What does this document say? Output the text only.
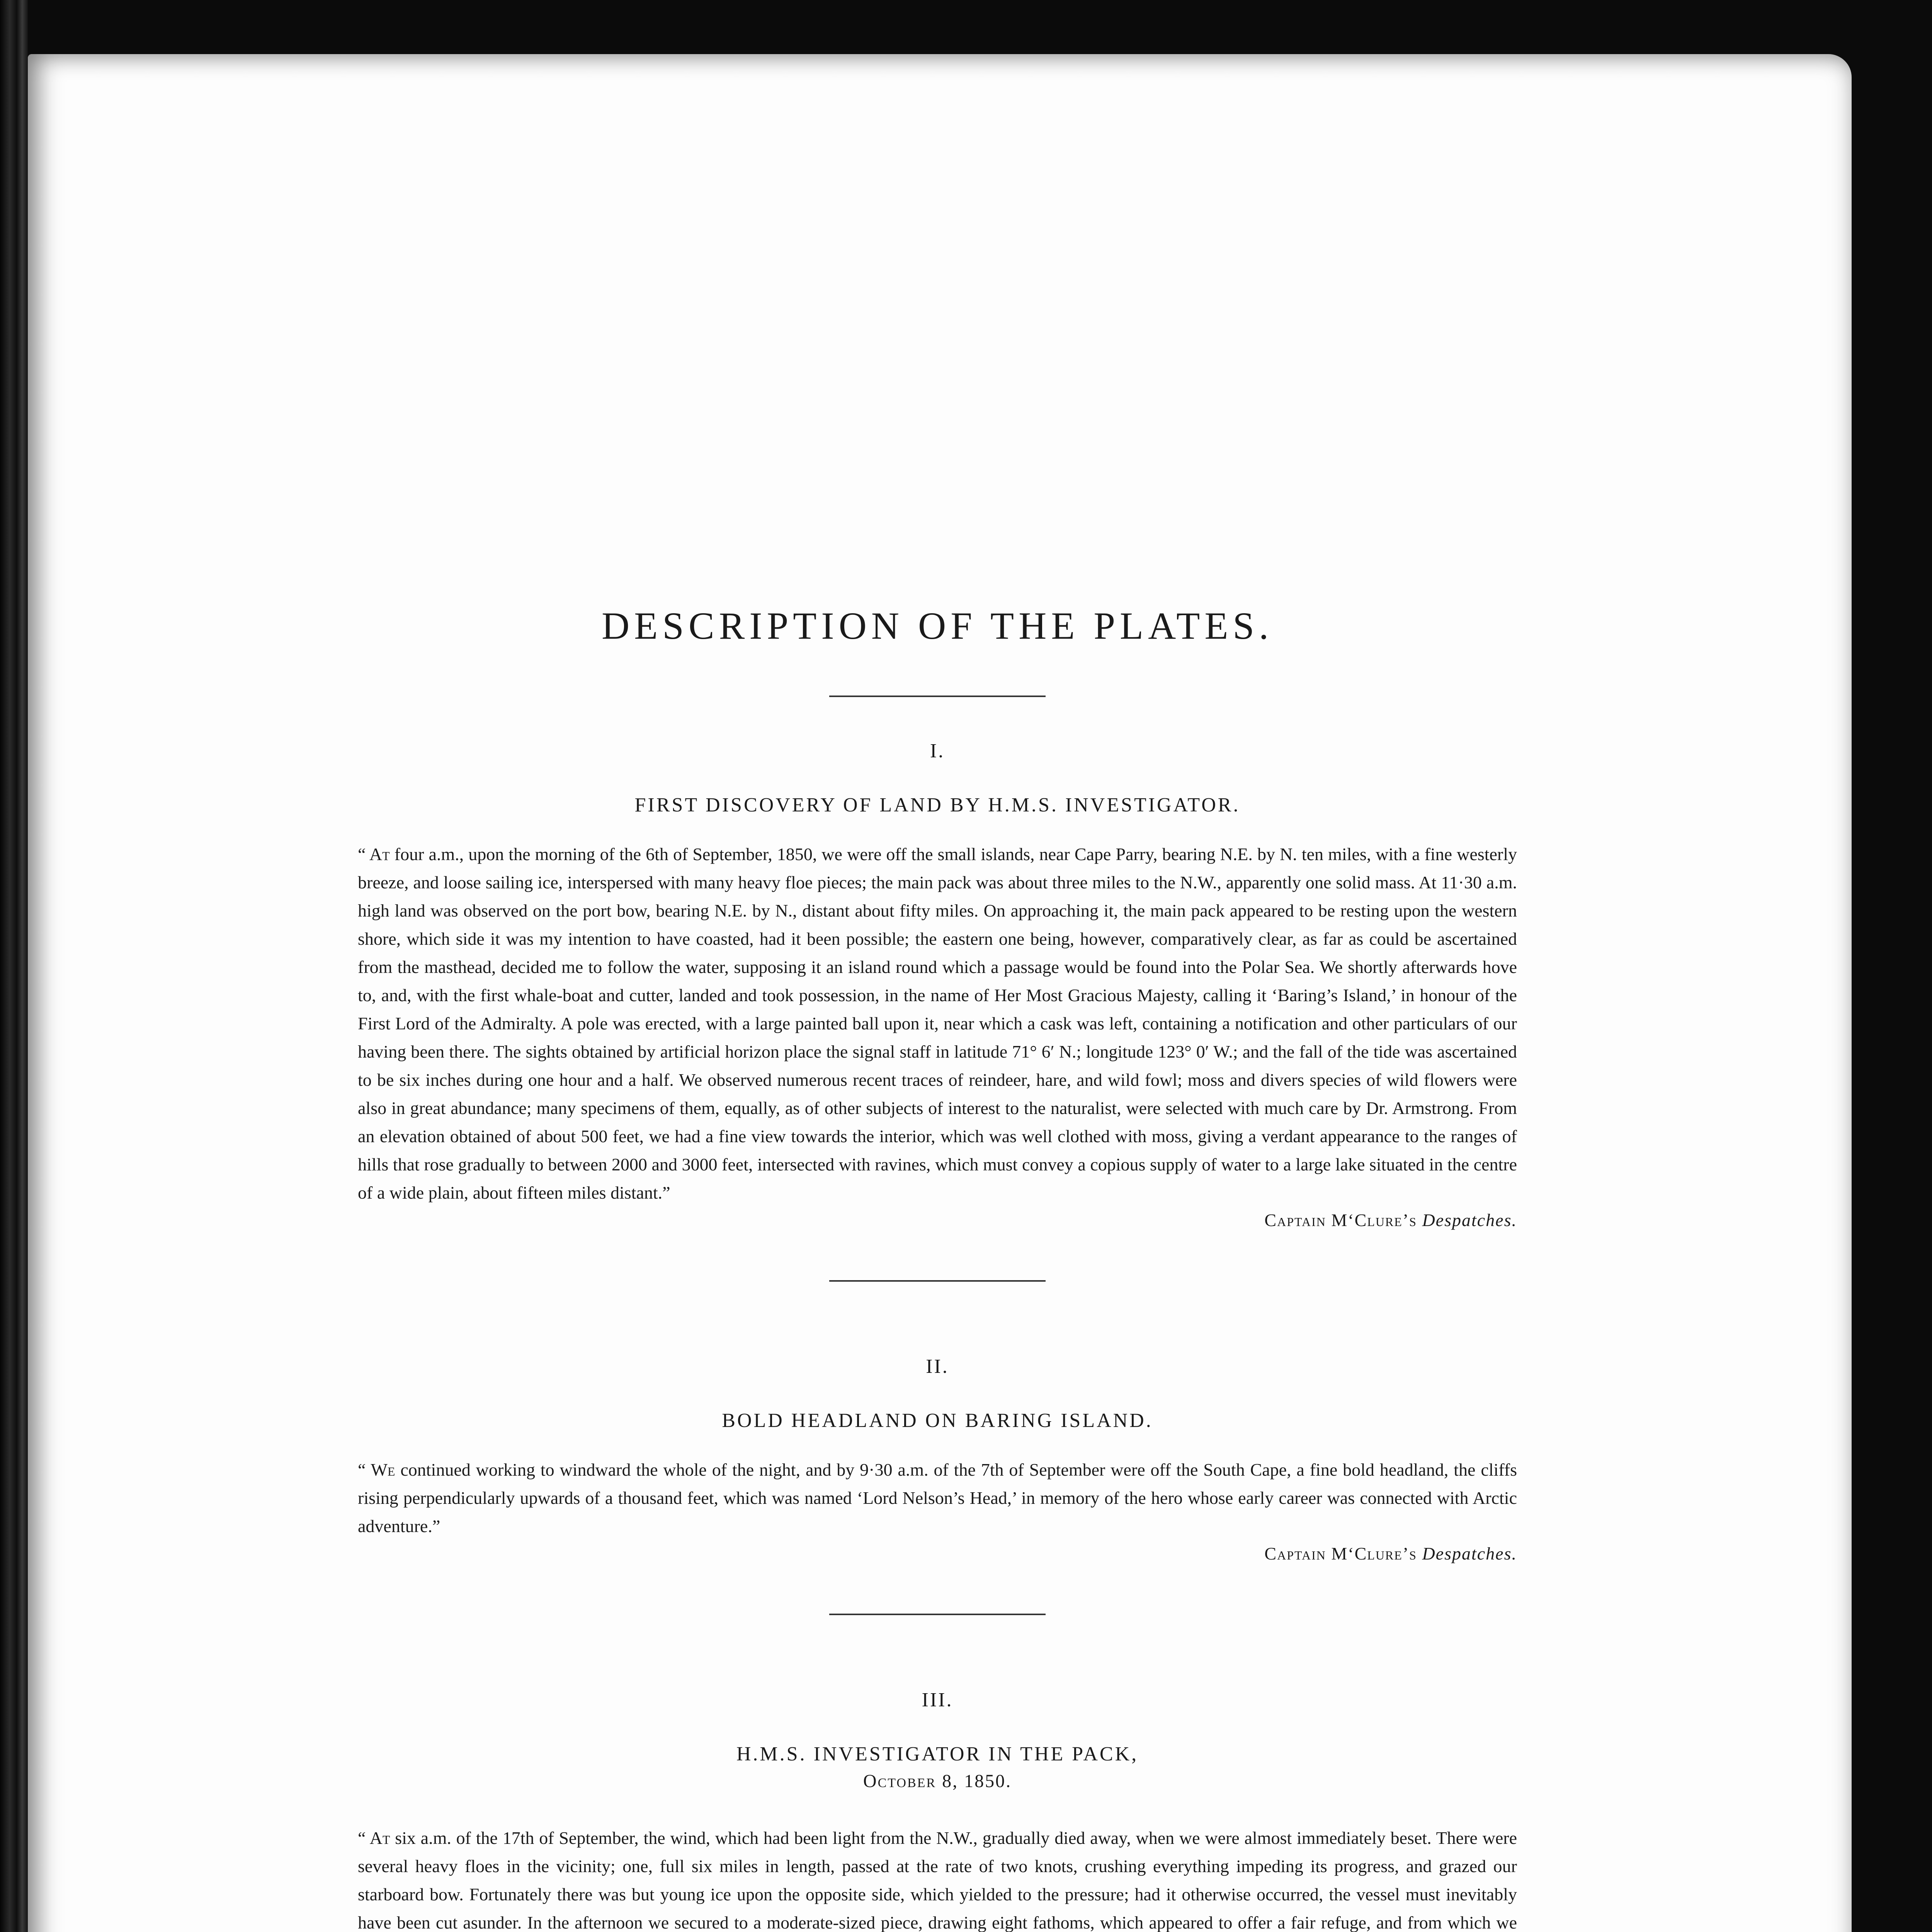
DESCRIPTION OF THE PLATES.
I.
FIRST DISCOVERY OF LAND BY H.M.S. INVESTIGATOR.

“ At four a.m., upon the morning of the 6th of September, 1850, we were off the small islands, near Cape Parry, bearing N.E. by N. ten miles, with a fine westerly breeze, and loose sailing ice, interspersed with many heavy floe pieces; the main pack was about three miles to the N.W., apparently one solid mass. At 11·30 a.m. high land was observed on the port bow, bearing N.E. by N., distant about fifty miles. On approaching it, the main pack appeared to be resting upon the western shore, which side it was my intention to have coasted, had it been possible; the eastern one being, however, comparatively clear, as far as could be ascertained from the masthead, decided me to follow the water, supposing it an island round which a passage would be found into the Polar Sea. We shortly afterwards hove to, and, with the first whale-boat and cutter, landed and took possession, in the name of Her Most Gracious Majesty, calling it ‘Baring’s Island,’ in honour of the First Lord of the Admiralty. A pole was erected, with a large painted ball upon it, near which a cask was left, containing a notification and other particulars of our having been there. The sights obtained by artificial horizon place the signal staff in latitude 71° 6′ N.; longitude 123° 0′ W.; and the fall of the tide was ascertained to be six inches during one hour and a half. We observed numerous recent traces of reindeer, hare, and wild fowl; moss and divers species of wild flowers were also in great abundance; many specimens of them, equally, as of other subjects of interest to the naturalist, were selected with much care by Dr. Armstrong. From an elevation obtained of about 500 feet, we had a fine view towards the interior, which was well clothed with moss, giving a verdant appearance to the ranges of hills that rose gradually to between 2000 and 3000 feet, intersected with ravines, which must convey a copious supply of water to a large lake situated in the centre of a wide plain, about fifteen miles distant.”

Captain M‘Clure’s Despatches.

II.
BOLD HEADLAND ON BARING ISLAND.

“ We continued working to windward the whole of the night, and by 9·30 a.m. of the 7th of September were off the South Cape, a fine bold headland, the cliffs rising perpendicularly upwards of a thousand feet, which was named ‘Lord Nelson’s Head,’ in memory of the hero whose early career was connected with Arctic adventure.”

Captain M‘Clure’s Despatches.

III.
H.M.S. INVESTIGATOR IN THE PACK,
October 8, 1850.

“ At six a.m. of the 17th of September, the wind, which had been light from the N.W., gradually died away, when we were almost immediately beset. There were several heavy floes in the vicinity; one, full six miles in length, passed at the rate of two knots, crushing everything impeding its progress, and grazed our starboard bow. Fortunately there was but young ice upon the opposite side, which yielded to the pressure; had it otherwise occurred, the vessel must inevitably have been cut asunder. In the afternoon we secured to a moderate-sized piece, drawing eight fathoms, which appeared to offer a fair refuge, and from which we
